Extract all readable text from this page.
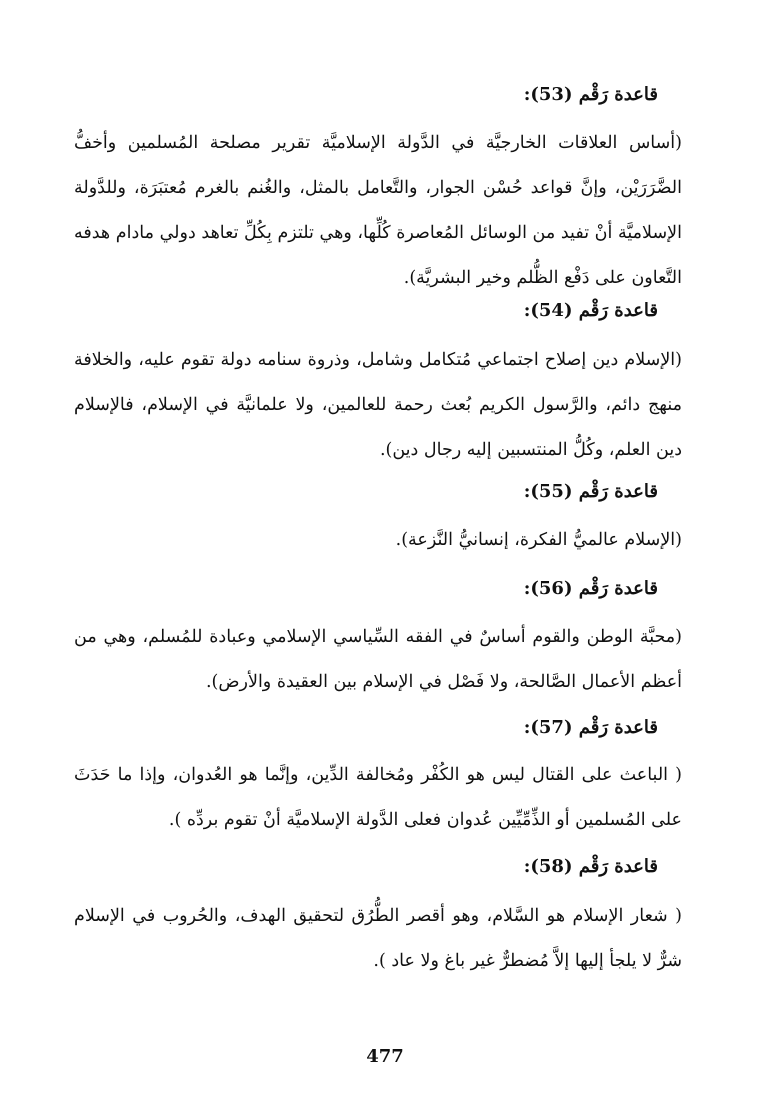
قاعدة رَقْم (53):
(أساس العلاقات الخارجيَّة في الدَّولة الإسلاميَّة تقرير مصلحة المُسلمين وأخفُّ الضَّرَرَيْن، وإنَّ قواعد حُسْن الجوار، والتَّعامل بالمثل، والغُنم بالغرم مُعتبَرَة، وللدَّولة الإسلاميَّة أنْ تفيد من الوسائل المُعاصرة كُلِّها، وهي تلتزم بِكُلِّ تعاهد دولي مادام هدفه التَّعاون على دَفْع الظُّلم وخير البشريَّة).
قاعدة رَقْم (54):
(الإسلام دين إصلاح اجتماعي مُتكامل وشامل، وذروة سنامه دولة تقوم عليه، والخلافة منهج دائم، والرَّسول الكريم بُعث رحمة للعالمين، ولا علمانيَّة في الإسلام، فالإسلام دين العلم، وكُلُّ المنتسبين إليه رجال دين).
قاعدة رَقْم (55):
(الإسلام عالميُّ الفكرة، إنسانيُّ النَّزعة).
قاعدة رَقْم (56):
(محبَّة الوطن والقوم أساسٌ في الفقه السِّياسي الإسلامي وعبادة للمُسلم، وهي من أعظم الأعمال الصَّالحة، ولا فَصْل في الإسلام بين العقيدة والأرض).
قاعدة رَقْم (57):
( الباعث على القتال ليس هو الكُفْر ومُخالفة الدِّين، وإنَّما هو العُدوان، وإذا ما حَدَثَ على المُسلمين أو الذِّمِّيِّين عُدوان فعلى الدَّولة الإسلاميَّة أنْ تقوم بردِّه ).
قاعدة رَقْم (58):
( شعار الإسلام هو السَّلام، وهو أقصر الطُّرُق لتحقيق الهدف، والحُروب في الإسلام شرٌّ لا يلجأ إليها إلاَّ مُضطرٌّ غير باغ ولا عاد ).
477
